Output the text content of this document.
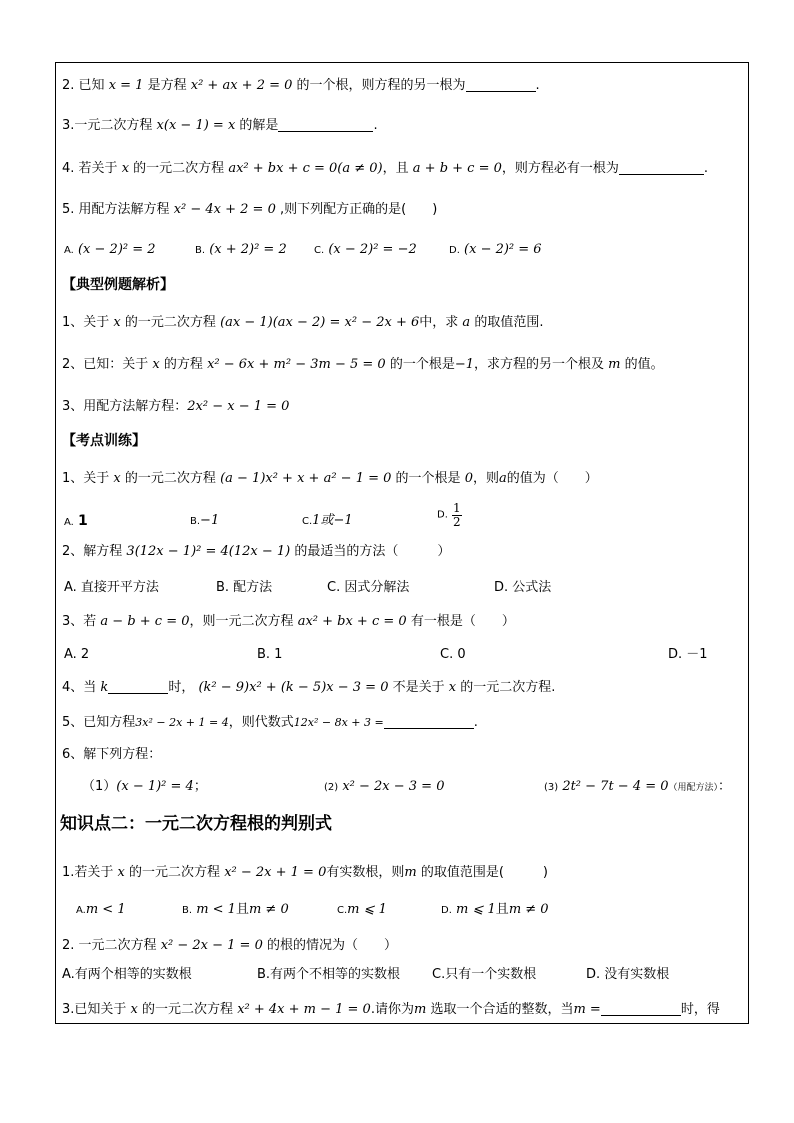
2. 已知 x = 1 是方程 x² + ax + 2 = 0 的一个根，则方程的另一根为	.
3.一元二次方程 x(x − 1) = x 的解是	.
4. 若关于 x 的一元二次方程 ax² + bx + c = 0(a ≠ 0)，且 a + b + c = 0，则方程必有一根为	.
5. 用配方法解方程 x² − 4x + 2 = 0 ,则下列配方正确的是(　　)
A. (x − 2)² = 2	B. (x + 2)² = 2	C. (x − 2)² = −2	D. (x − 2)² = 6
【典型例题解析】
1、关于 x 的一元二次方程 (ax − 1)(ax − 2) = x² − 2x + 6中，求 a 的取值范围.
2、已知：关于 x 的方程 x² − 6x + m² − 3m − 5 = 0 的一个根是−1，求方程的另一个根及 m 的值。
3、用配方法解方程：2x² − x − 1 = 0
【考点训练】
1、关于 x 的一元二次方程 (a − 1)x² + x + a² − 1 = 0 的一个根是 0，则a的值为（　　）
A. 1	B.−1	C.1或−1	D. $\frac{1}{2}$
2、解方程 3(12x − 1)² = 4(12x − 1) 的最适当的方法（　　　）
A. 直接开平方法	B. 配方法	C. 因式分解法	D. 公式法
3、若 a − b + c = 0，则一元二次方程 ax² + bx + c = 0 有一根是（　　）
A. 2	B. 1	C. 0	D. －1
4、当 k	时， (k² − 9)x² + (k − 5)x − 3 = 0 不是关于 x 的一元二次方程.
5、已知方程3x² − 2x + 1 = 4，则代数式12x² − 8x + 3 =	.
6、解下列方程：
（1）(x − 1)² = 4；	(2) x² − 2x − 3 = 0	(3) 2t² − 7t − 4 = 0（用配方法）：
知识点二：一元二次方程根的判别式
1.若关于 x 的一元二次方程 x² − 2x + 1 = 0有实数根，则m 的取值范围是(　　　)
A.m < 1	B. m < 1且m ≠ 0	C.m ⩽ 1	D. m ⩽ 1且m ≠ 0
2. 一元二次方程 x² − 2x − 1 = 0 的根的情况为（　　）
A.有两个相等的实数根	B.有两个不相等的实数根 C.只有一个实数根	D. 没有实数根
3.已知关于 x 的一元二次方程 x² + 4x + m − 1 = 0.请你为m 选取一个合适的整数，当m =	时，得
